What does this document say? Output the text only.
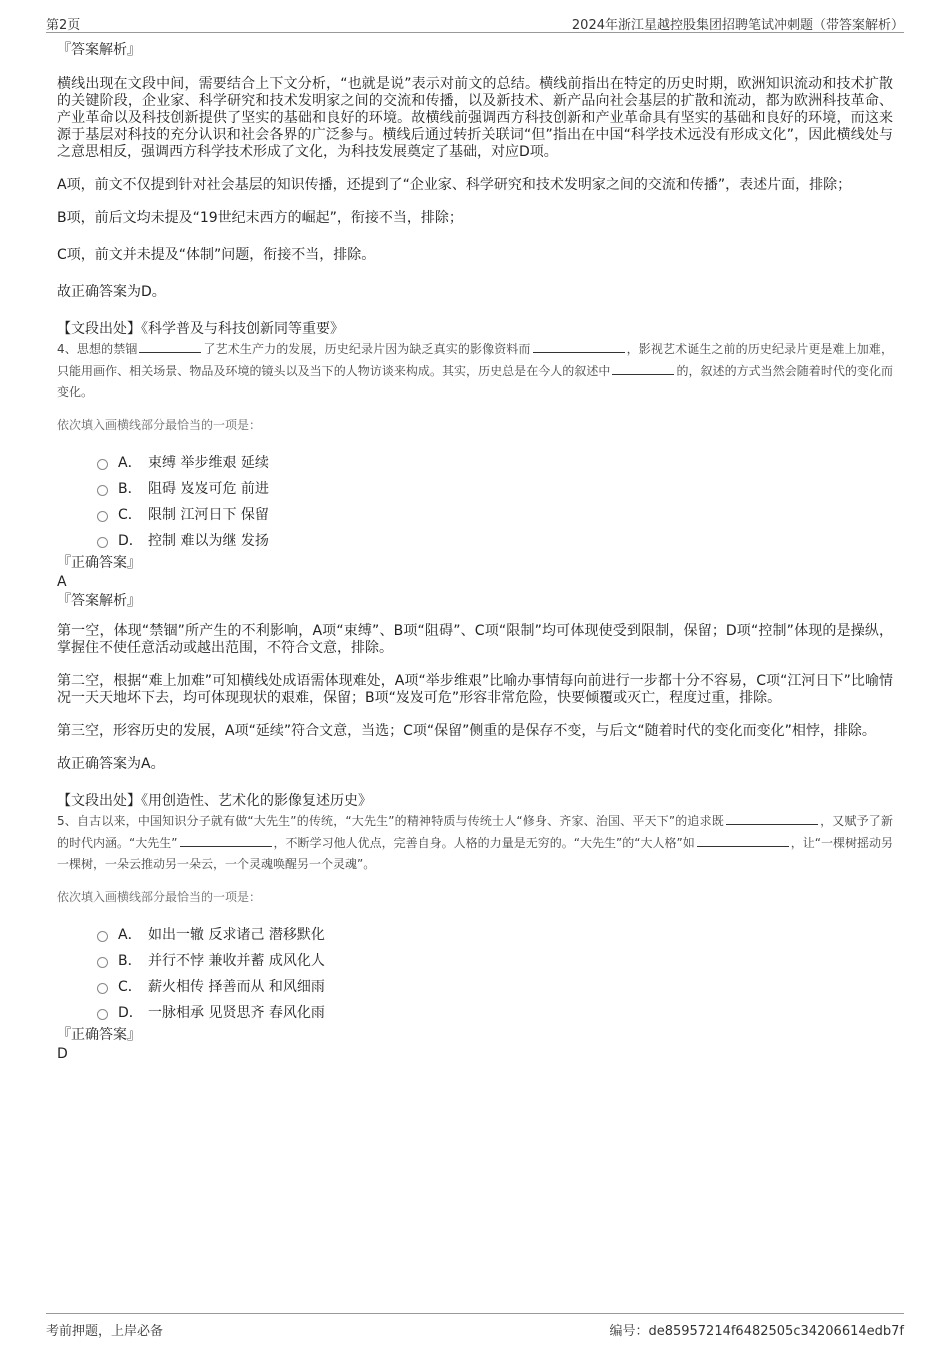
第2页	2024年浙江星越控股集团招聘笔试冲刺题（带答案解析）
『答案解析』

横线出现在文段中间，需要结合上下文分析，“也就是说”表示对前文的总结。横线前指出在特定的历史时期，欧洲知识流动和技术扩散的关键阶段，企业家、科学研究和技术发明家之间的交流和传播，以及新技术、新产品向社会基层的扩散和流动，都为欧洲科技革命、产业革命以及科技创新提供了坚实的基础和良好的环境。故横线前强调西方科技创新和产业革命具有坚实的基础和良好的环境，而这来源于基层对科技的充分认识和社会各界的广泛参与。横线后通过转折关联词“但”指出在中国“科学技术远没有形成文化”，因此横线处与之意思相反，强调西方科学技术形成了文化，为科技发展奠定了基础，对应D项。

A项，前文不仅提到针对社会基层的知识传播，还提到了“企业家、科学研究和技术发明家之间的交流和传播”，表述片面，排除；

B项，前后文均未提及“19世纪末西方的崛起”，衔接不当，排除；

C项，前文并未提及“体制”问题，衔接不当，排除。

故正确答案为D。

【文段出处】《科学普及与科技创新同等重要》

4、思想的禁锢	了艺术生产力的发展，历史纪录片因为缺乏真实的影像资料而	，影视艺术诞生之前的历史纪录片更是难上加难，只能用画作、相关场景、物品及环境的镜头以及当下的人物访谈来构成。其实，历史总是在今人的叙述中	的，叙述的方式当然会随着时代的变化而变化。

依次填入画横线部分最恰当的一项是：
A． 束缚 举步维艰 延续
B． 阻碍 岌岌可危 前进
C． 限制 江河日下 保留
D． 控制 难以为继 发扬
『正确答案』
A
『答案解析』

第一空，体现“禁锢”所产生的不利影响，A项“束缚”、B项“阻碍”、C项“限制”均可体现使受到限制，保留；D项“控制”体现的是操纵，掌握住不使任意活动或越出范围，不符合文意，排除。

第二空，根据“难上加难”可知横线处成语需体现难处，A项“举步维艰”比喻办事情每向前进行一步都十分不容易，C项“江河日下”比喻情况一天天地坏下去，均可体现现状的艰难，保留；B项“岌岌可危”形容非常危险，快要倾覆或灭亡，程度过重，排除。

第三空，形容历史的发展，A项“延续”符合文意，当选；C项“保留”侧重的是保存不变，与后文“随着时代的变化而变化”相悖，排除。

故正确答案为A。

【文段出处】《用创造性、艺术化的影像复述历史》

5、自古以来，中国知识分子就有做“大先生”的传统，“大先生”的精神特质与传统士人“修身、齐家、治国、平天下”的追求既	，又赋予了新的时代内涵。“大先生”	，不断学习他人优点，完善自身。人格的力量是无穷的。“大先生”的“大人格”如	，让“一棵树摇动另一棵树，一朵云推动另一朵云，一个灵魂唤醒另一个灵魂”。

依次填入画横线部分最恰当的一项是：
A． 如出一辙 反求诸己 潜移默化
B． 并行不悖 兼收并蓄 成风化人
C． 薪火相传 择善而从 和风细雨
D． 一脉相承 见贤思齐 春风化雨
『正确答案』
D
考前押题，上岸必备	编号：de85957214f6482505c34206614edb7f
